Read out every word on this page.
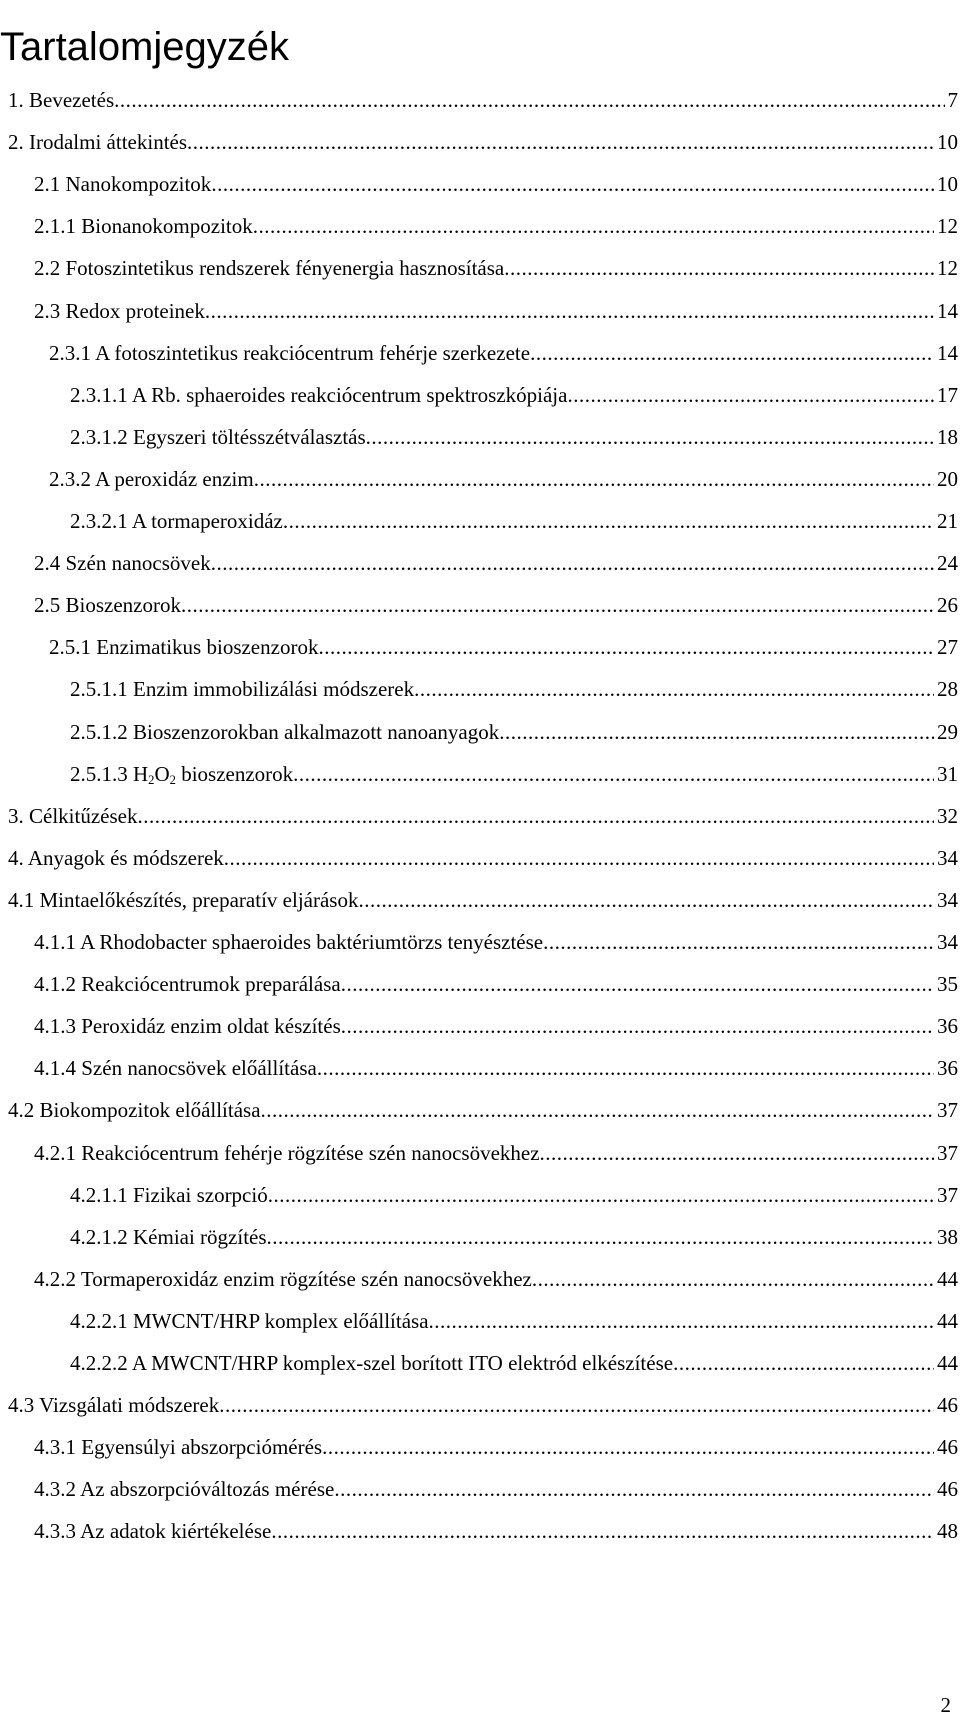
Tartalomjegyzék
1. Bevezetés .....	7
2. Irodalmi áttekintés .....	10
2.1 Nanokompozitok .....	10
2.1.1 Bionanokompozitok .....	12
2.2 Fotoszintetikus rendszerek fényenergia hasznosítása .....	12
2.3 Redox proteinek .....	14
2.3.1 A fotoszintetikus reakciócentrum fehérje szerkezete .....	14
2.3.1.1 A Rb. sphaeroides reakciócentrum spektroszkópiája .....	17
2.3.1.2 Egyszeri töltésszétválasztás .....	18
2.3.2 A peroxidáz enzim .....	20
2.3.2.1 A tormaperoxidáz .....	21
2.4 Szén nanocsövek .....	24
2.5 Bioszenzorok .....	26
2.5.1 Enzimatikus bioszenzorok .....	27
2.5.1.1 Enzim immobilizálási módszerek .....	28
2.5.1.2 Bioszenzorokban alkalmazott nanoanyagok .....	29
2.5.1.3 $H_2O_2$ bioszenzorok .....	31
3. Célkitűzések .....	32
4. Anyagok és módszerek .....	34
4.1 Mintaelőkészítés, preparatív eljárások .....	34
4.1.1 A Rhodobacter sphaeroides baktériumtörzs tenyésztése .....	34
4.1.2 Reakciócentrumok preparálása .....	35
4.1.3 Peroxidáz enzim oldat készítés .....	36
4.1.4 Szén nanocsövek előállítása .....	36
4.2 Biokompozitok előállítása .....	37
4.2.1 Reakciócentrum fehérje rögzítése szén nanocsövekhez .....	37
4.2.1.1 Fizikai szorpció .....	37
4.2.1.2 Kémiai rögzítés .....	38
4.2.2 Tormaperoxidáz enzim rögzítése szén nanocsövekhez .....	44
4.2.2.1 MWCNT/HRP komplex előállítása .....	44
4.2.2.2 A MWCNT/HRP komplex-szel borított ITO elektród elkészítése .....	44
4.3 Vizsgálati módszerek .....	46
4.3.1 Egyensúlyi abszorpciómérés .....	46
4.3.2 Az abszorpcióváltozás mérése .....	46
4.3.3 Az adatok kiértékelése .....	48
2
